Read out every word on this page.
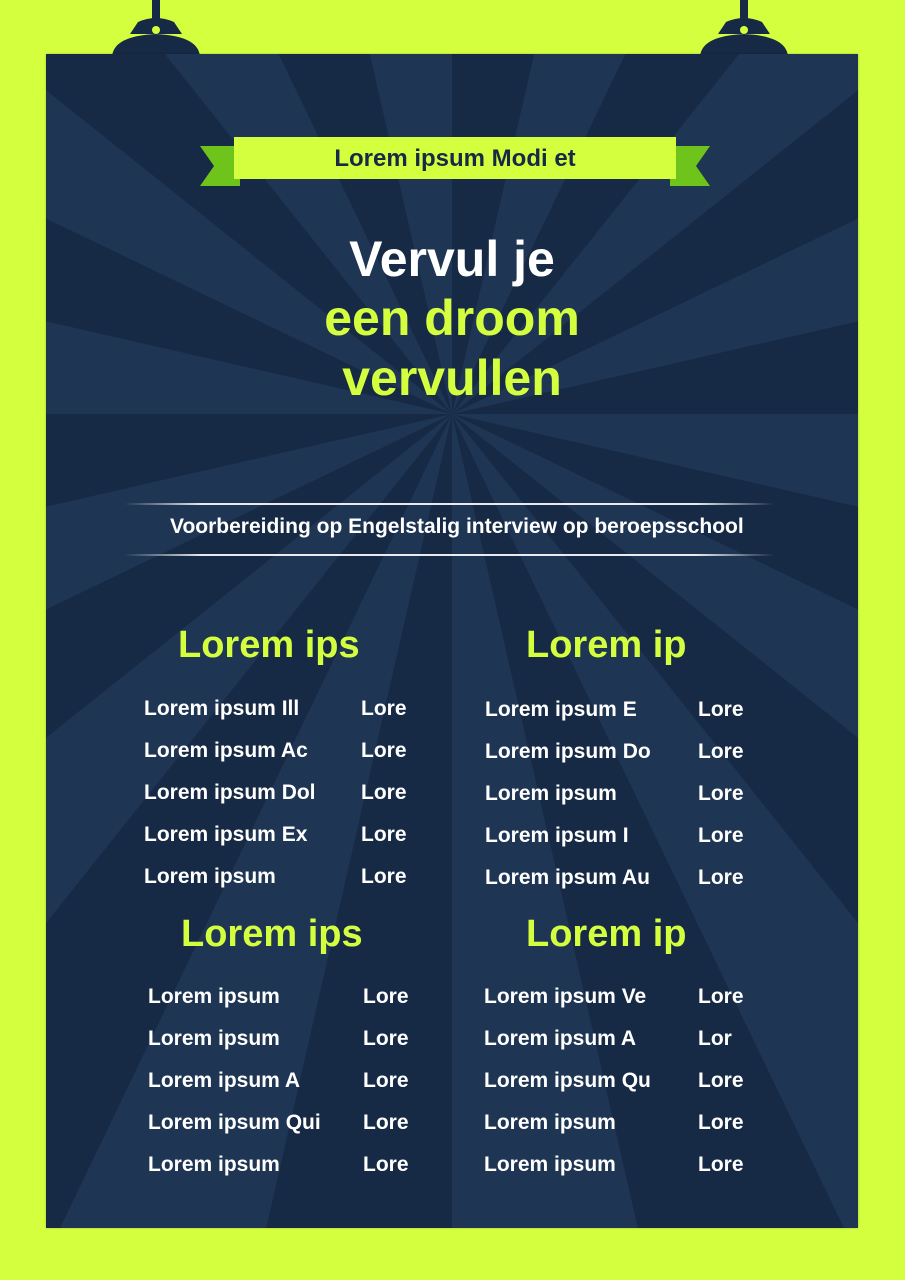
Lorem ipsum Modi et
Vervul je
een droom
vervullen
Voorbereiding op Engelstalig interview op beroepsschool
Lorem ips
Lorem ipsum Ill	Lore
Lorem ipsum Ac	Lore
Lorem ipsum Dol Lore
Lorem ipsum Ex	Lore
Lorem ipsum	Lore
Lorem ip
Lorem ipsum E	Lore
Lorem ipsum Do Lore
Lorem ipsum	Lore
Lorem ipsum I	Lore
Lorem ipsum Au Lore
Lorem ips
Lorem ipsum	Lore
Lorem ipsum	Lore
Lorem ipsum A	Lore
Lorem ipsum Qui Lore
Lorem ipsum	Lore
Lorem ip
Lorem ipsum Ve Lore
Lorem ipsum A	Lor
Lorem ipsum Qu Lore
Lorem ipsum	Lore
Lorem ipsum	Lore
